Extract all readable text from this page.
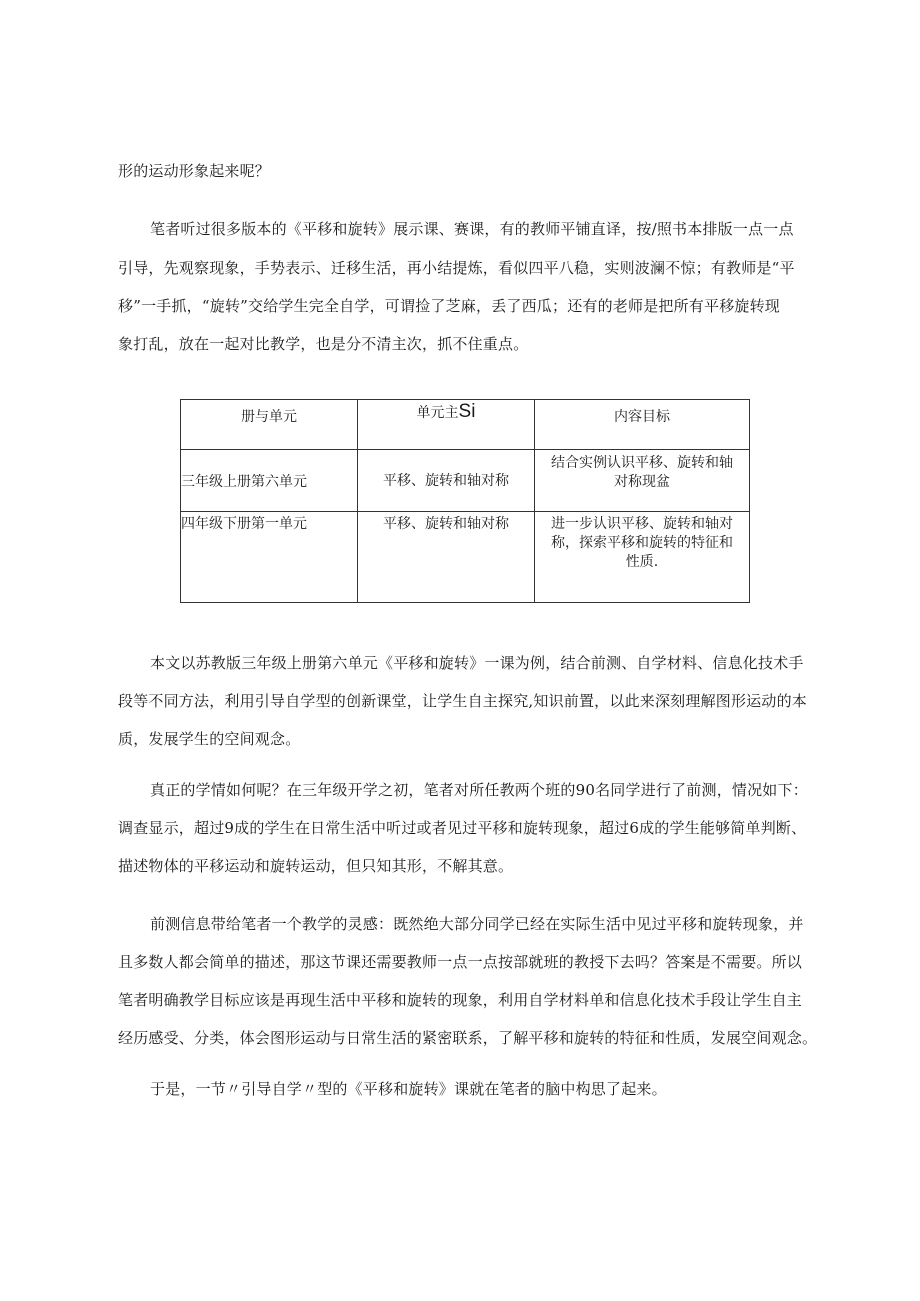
形的运动形象起来呢？
笔者听过很多版本的《平移和旋转》展示课、赛课，有的教师平铺直译，按/照书本排版一点一点
引导，先观察现象，手势表示、迁移生活，再小结提炼，看似四平八稳，实则波澜不惊；有教师是“平
移”一手抓，“旋转”交给学生完全自学，可谓捡了芝麻，丢了西瓜；还有的老师是把所有平移旋转现
象打乱，放在一起对比教学，也是分不清主次，抓不住重点。
册与单元	单元主Si	内容目标

三年级上册第六单元	平移、旋转和轴对称	结合实例认识平移、旋转和轴
对称现盆

四年级下册第一单元	平移、旋转和轴对称	进一步认识平移、旋转和轴对
称，探索平移和旋转的特征和
性质.
本文以苏教版三年级上册第六单元《平移和旋转》一课为例，结合前测、自学材料、信息化技术手
段等不同方法，利用引导自学型的创新课堂，让学生自主探究,知识前置，以此来深刻理解图形运动的本
质，发展学生的空间观念。
真正的学情如何呢？在三年级开学之初，笔者对所任教两个班的90名同学进行了前测，情况如下：
调查显示，超过9成的学生在日常生活中听过或者见过平移和旋转现象，超过6成的学生能够简单判断、
描述物体的平移运动和旋转运动，但只知其形，不解其意。
前测信息带给笔者一个教学的灵感：既然绝大部分同学已经在实际生活中见过平移和旋转现象，并
且多数人都会简单的描述，那这节课还需要教师一点一点按部就班的教授下去吗？答案是不需要。所以
笔者明确教学目标应该是再现生活中平移和旋转的现象，利用自学材料单和信息化技术手段让学生自主
经历感受、分类，体会图形运动与日常生活的紧密联系，了解平移和旋转的特征和性质，发展空间观念。
于是，一节〃引导自学〃型的《平移和旋转》课就在笔者的脑中构思了起来。
